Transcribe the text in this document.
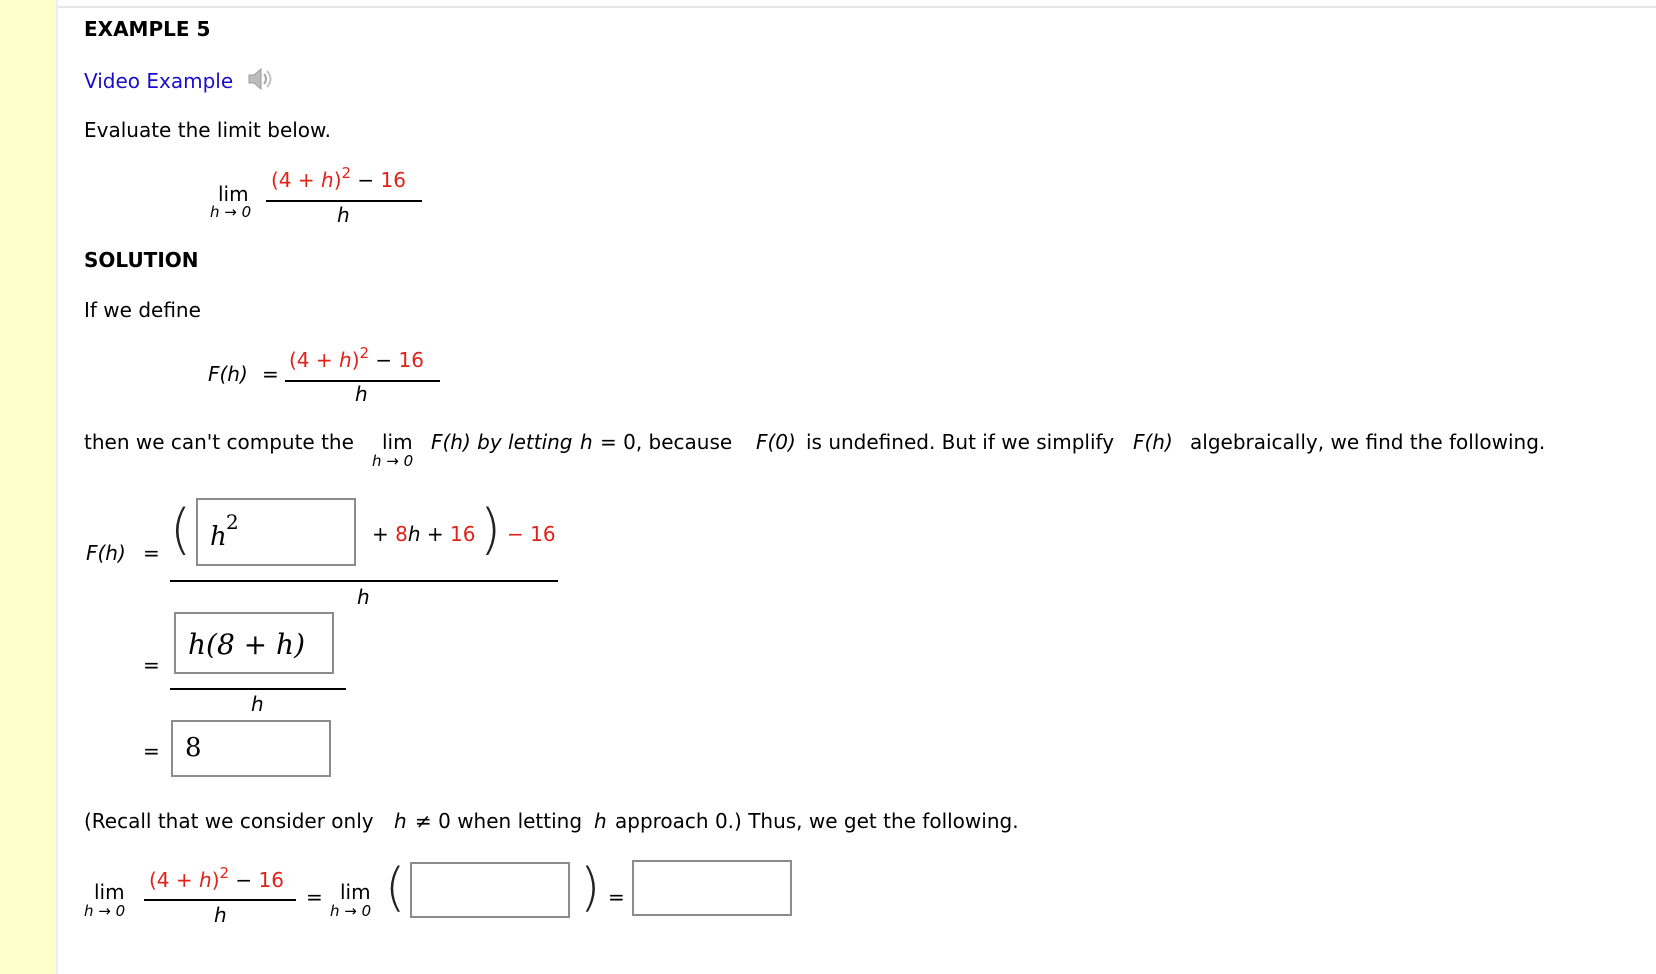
EXAMPLE 5
Video Example
Evaluate the limit below.
lim
h → 0
$(4 + h)^2 - 16$
h
SOLUTION
If we define
F(h) =
$(4 + h)^2 - 16$
h
then we can't compute the lim
h → 0
F(h) by letting h = 0, because F(0) is undefined. But if we simplify F(h) algebraically, we find the following.
F(h) = ( h 2	+ 8h + 16 ) − 16
h
=
h(8 + h)
h
= 8
(Recall that we consider only h ≠ 0 when letting h approach 0.) Thus, we get the following.
lim
h → 0
$(4 + h)^2 - 16$
h
= lim
h → 0 (	) =
